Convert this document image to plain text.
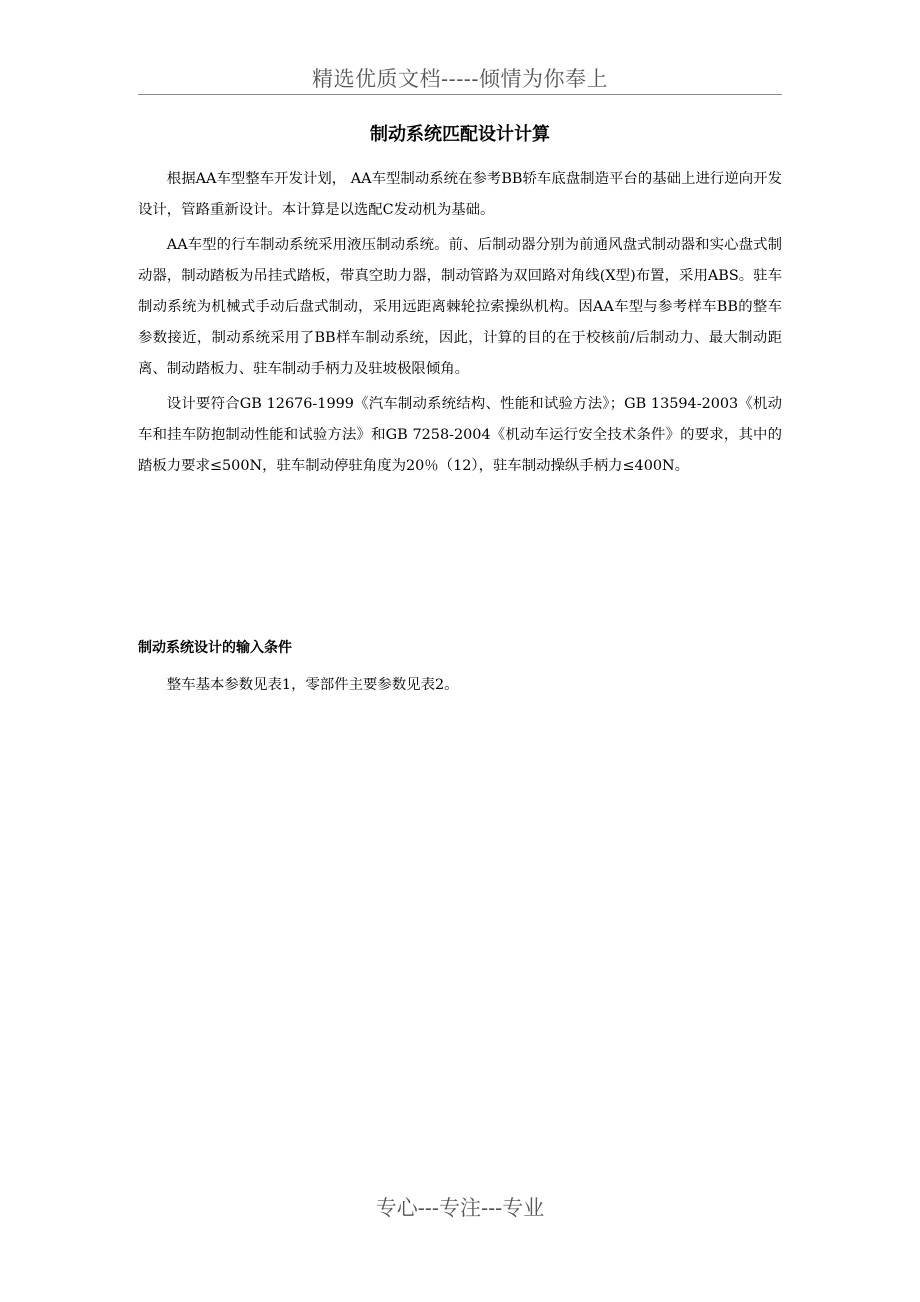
精选优质文档-----倾情为你奉上
制动系统匹配设计计算

根据AA车型整车开发计划， AA车型制动系统在参考BB轿车底盘制造平台的基础上进行逆向开发设计，管路重新设计。本计算是以选配C发动机为基础。

AA车型的行车制动系统采用液压制动系统。前、后制动器分别为前通风盘式制动器和实心盘式制动器，制动踏板为吊挂式踏板，带真空助力器，制动管路为双回路对角线(X型)布置，采用ABS。驻车制动系统为机械式手动后盘式制动，采用远距离棘轮拉索操纵机构。因AA车型与参考样车BB的整车参数接近，制动系统采用了BB样车制动系统，因此，计算的目的在于校核前/后制动力、最大制动距离、制动踏板力、驻车制动手柄力及驻坡极限倾角。

设计要符合GB 12676-1999《汽车制动系统结构、性能和试验方法》；GB 13594-2003《机动车和挂车防抱制动性能和试验方法》和GB 7258-2004《机动车运行安全技术条件》的要求，其中的踏板力要求≤500N，驻车制动停驻角度为20％（12），驻车制动操纵手柄力≤400N。

制动系统设计的输入条件

整车基本参数见表1，零部件主要参数见表2。

专心---专注---专业
